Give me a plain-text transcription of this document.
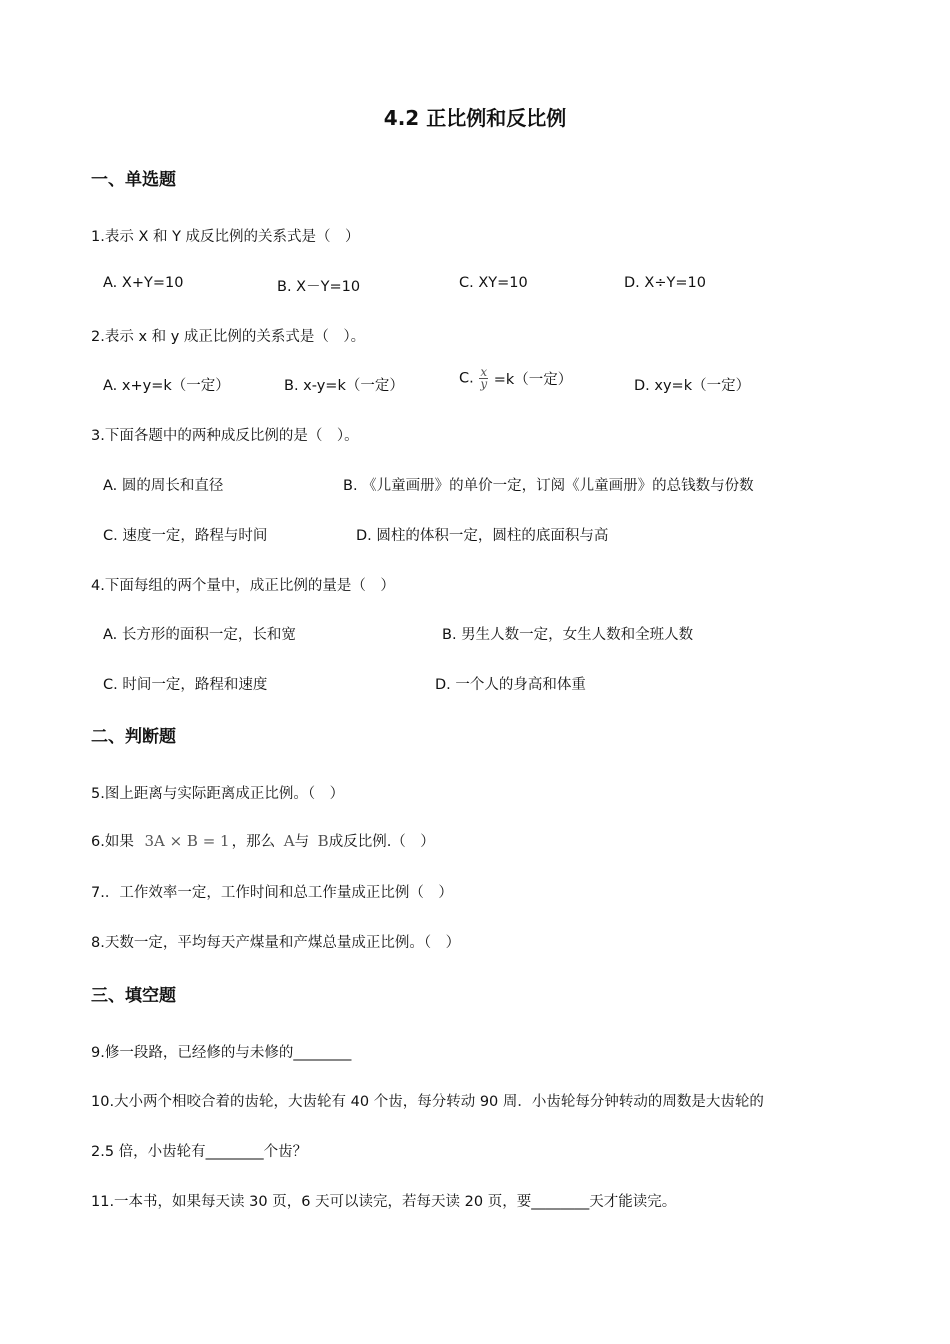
4.2 正比例和反比例
一、单选题
1.表示 X 和 Y 成反比例的关系式是（　）
A. X+Y=10	B. X－Y=10	C. XY=10	D. X÷Y=10
2.表示 x 和 y 成正比例的关系式是（　）。
A. x+y=k（一定）	B. x-y=k（一定）	C. $\frac{x}{y} =k$（一定）	D. xy=k（一定）
3.下面各题中的两种成反比例的是（　）。
A. 圆的周长和直径	B. 《儿童画册》的单价一定，订阅《儿童画册》的总钱数与份数
C. 速度一定，路程与时间	D. 圆柱的体积一定，圆柱的底面积与高
4.下面每组的两个量中，成正比例的量是（　）
A. 长方形的面积一定，长和宽	B. 男生人数一定，女生人数和全班人数
C. 时间一定，路程和速度	D. 一个人的身高和体重
二、判断题
5.图上距离与实际距离成正比例。（　）
6.如果 3A × B = 1 ，那么 A与 B成反比例.（　）
7.．工作效率一定，工作时间和总工作量成正比例（　）
8.天数一定，平均每天产煤量和产煤总量成正比例。（　）
三、填空题
9.修一段路，已经修的与未修的________
10.大小两个相咬合着的齿轮，大齿轮有 40 个齿，每分转动 90 周．小齿轮每分钟转动的周数是大齿轮的
2.5 倍，小齿轮有________个齿？
11.一本书，如果每天读 30 页，6 天可以读完，若每天读 20 页，要________天才能读完。
